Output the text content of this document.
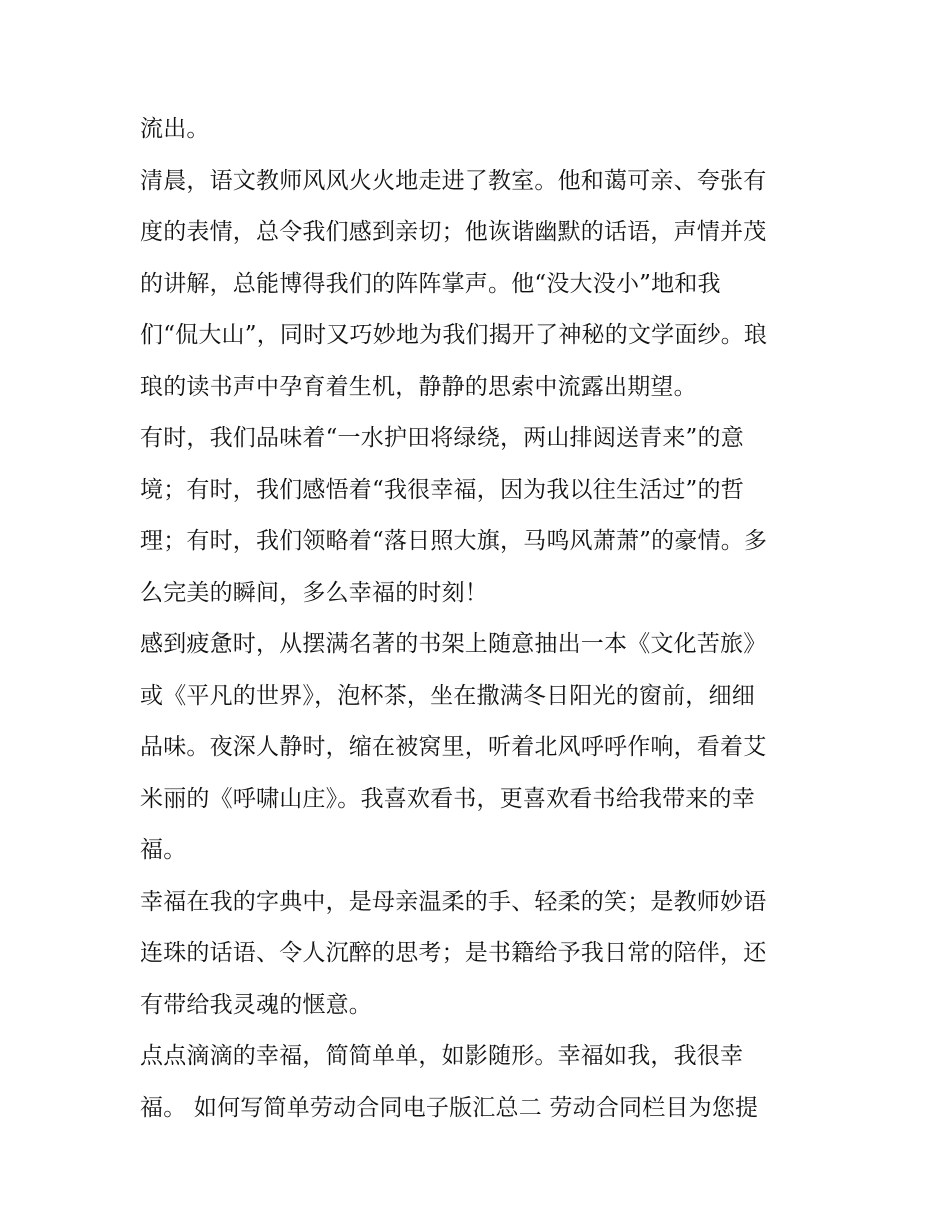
流出。
清晨，语文教师风风火火地走进了教室。他和蔼可亲、夸张有
度的表情，总令我们感到亲切；他诙谐幽默的话语，声情并茂
的讲解，总能博得我们的阵阵掌声。他“没大没小”地和我
们“侃大山”，同时又巧妙地为我们揭开了神秘的文学面纱。琅
琅的读书声中孕育着生机，静静的思索中流露出期望。
有时，我们品味着“一水护田将绿绕，两山排闼送青来”的意
境；有时，我们感悟着“我很幸福，因为我以往生活过”的哲
理；有时，我们领略着“落日照大旗，马鸣风萧萧”的豪情。多
么完美的瞬间，多么幸福的时刻！
感到疲惫时，从摆满名著的书架上随意抽出一本《文化苦旅》
或《平凡的世界》，泡杯茶，坐在撒满冬日阳光的窗前，细细
品味。夜深人静时，缩在被窝里，听着北风呼呼作响，看着艾
米丽的《呼啸山庄》。我喜欢看书，更喜欢看书给我带来的幸
福。
幸福在我的字典中，是母亲温柔的手、轻柔的笑；是教师妙语
连珠的话语、令人沉醉的思考；是书籍给予我日常的陪伴，还
有带给我灵魂的惬意。
点点滴滴的幸福，简简单单，如影随形。幸福如我，我很幸
福。 如何写简单劳动合同电子版汇总二 劳动合同栏目为您提
